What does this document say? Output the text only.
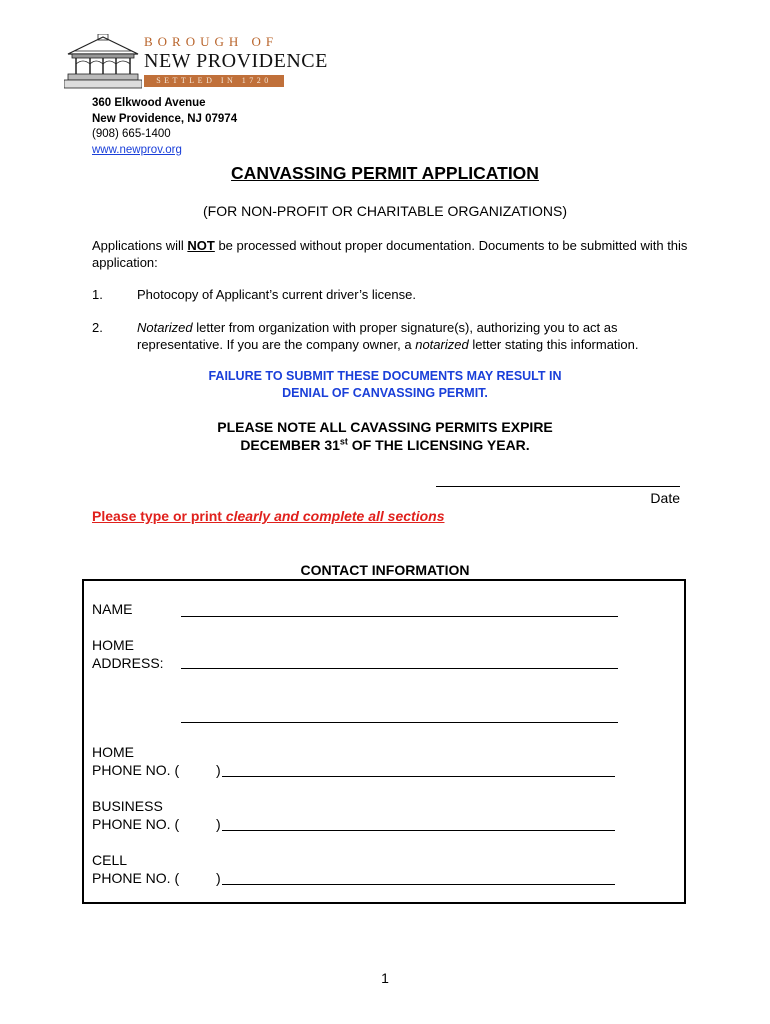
BOROUGH OF
NEW PROVIDENCE
SETTLED IN 1720
360 Elkwood Avenue
New Providence, NJ 07974
(908) 665-1400
www.newprov.org
CANVASSING PERMIT APPLICATION
(FOR NON-PROFIT OR CHARITABLE ORGANIZATIONS)
Applications will NOT be processed without proper documentation. Documents to be submitted with this application:
1.	Photocopy of Applicant’s current driver’s license.
2.	Notarized letter from organization with proper signature(s), authorizing you to act as representative. If you are the company owner, a notarized letter stating this information.
FAILURE TO SUBMIT THESE DOCUMENTS MAY RESULT IN
DENIAL OF CANVASSING PERMIT.
PLEASE NOTE ALL CAVASSING PERMITS EXPIRE
DECEMBER 31st OF THE LICENSING YEAR.
Date
Please type or print clearly and complete all sections
CONTACT INFORMATION
NAME
HOME
ADDRESS:
HOME
PHONE NO. (	)
BUSINESS
PHONE NO. (	)
CELL
PHONE NO. (	)
1
